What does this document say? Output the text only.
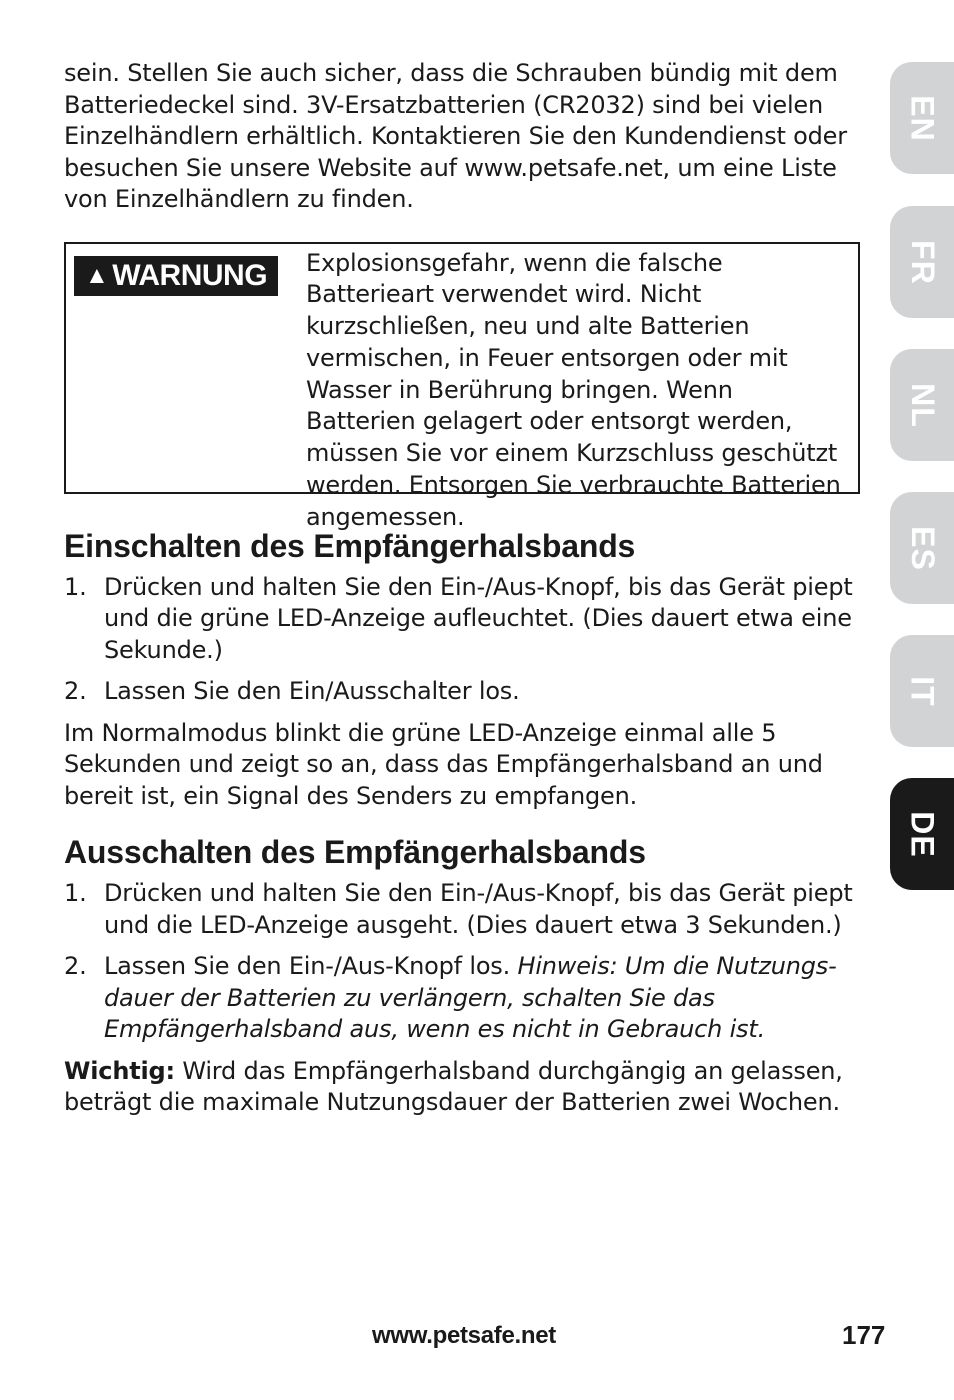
sein. Stellen Sie auch sicher, dass die Schrauben bündig mit dem Batteriedeckel sind. 3V-Ersatzbatterien (CR2032) sind bei vielen Einzelhändlern erhältlich. Kontaktieren Sie den Kundendienst oder besuchen Sie unsere Website auf www.petsafe.net, um eine Liste von Einzelhändlern zu finden.

▲ WARNUNG Explosionsgefahr, wenn die falsche Batterieart verwendet wird. Nicht kurzschließen, neu und alte Batterien vermischen, in Feuer entsorgen oder mit Wasser in Berührung bringen. Wenn Batterien gelagert oder entsorgt werden, müssen Sie vor einem Kurzschluss geschützt werden. Entsorgen Sie verbrauchte Batterien angemessen.
Einschalten des Empfängerhalsbands
1. Drücken und halten Sie den Ein-/Aus-Knopf, bis das Gerät piept und die grüne LED-Anzeige aufleuchtet. (Dies dauert etwa eine Sekunde.)
2. Lassen Sie den Ein/Ausschalter los.

Im Normalmodus blinkt die grüne LED-Anzeige einmal alle 5 Sekunden und zeigt so an, dass das Empfängerhalsband an und bereit ist, ein Signal des Senders zu empfangen.

Ausschalten des Empfängerhalsbands
1. Drücken und halten Sie den Ein-/Aus-Knopf, bis das Gerät piept und die LED-Anzeige ausgeht. (Dies dauert etwa 3 Sekunden.)
2. Lassen Sie den Ein-/Aus-Knopf los. Hinweis: Um die Nutzungsdauer der Batterien zu verlängern, schalten Sie das Empfängerhalsband aus, wenn es nicht in Gebrauch ist.

Wichtig: Wird das Empfängerhalsband durchgängig an gelassen, beträgt die maximale Nutzungsdauer der Batterien zwei Wochen.

EN
FR
NL
ES
IT
DE
www.petsafe.net	177
